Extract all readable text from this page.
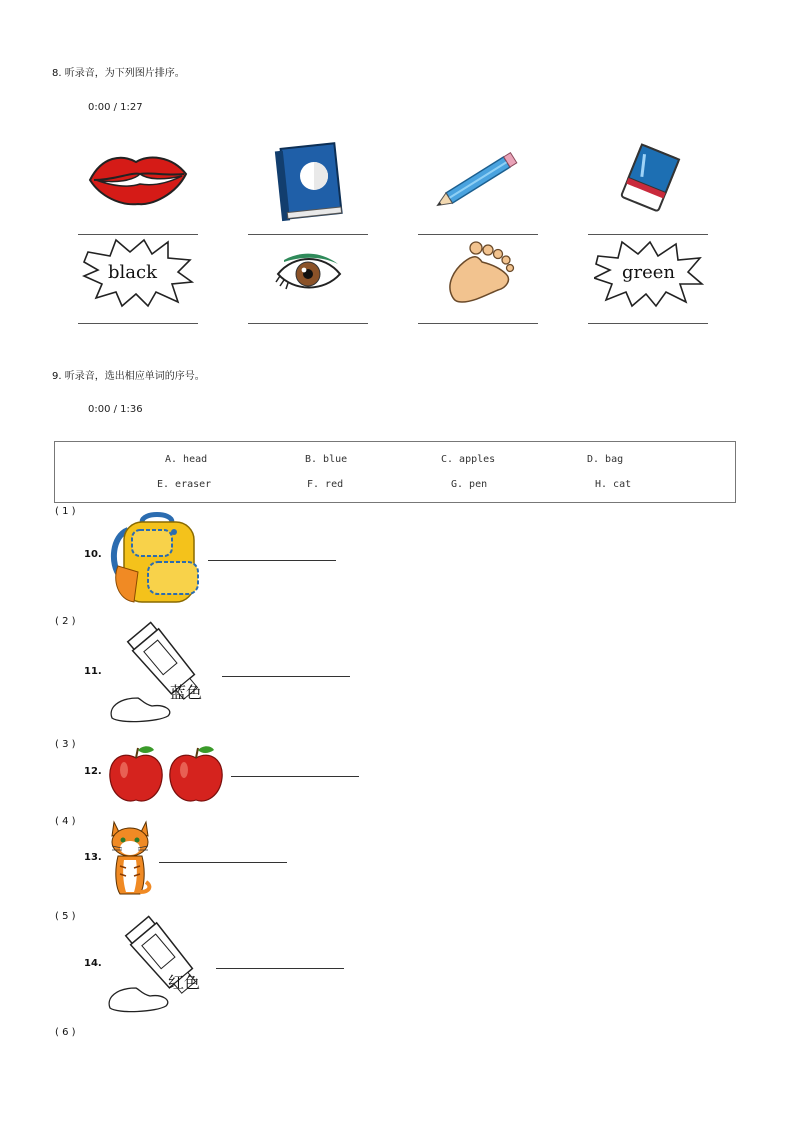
8. 听录音，为下列图片排序。
0:00 / 1:27
black	green
9. 听录音，选出相应单词的序号。
0:00 / 1:36
A. head	B. blue	C. apples	D. bag
E. eraser	F. red	G. pen	H. cat
( 1 )
10.
( 2 )
11.
蓝色
( 3 )
12.
( 4 )
13.
( 5 )
14.
红色
( 6 )
